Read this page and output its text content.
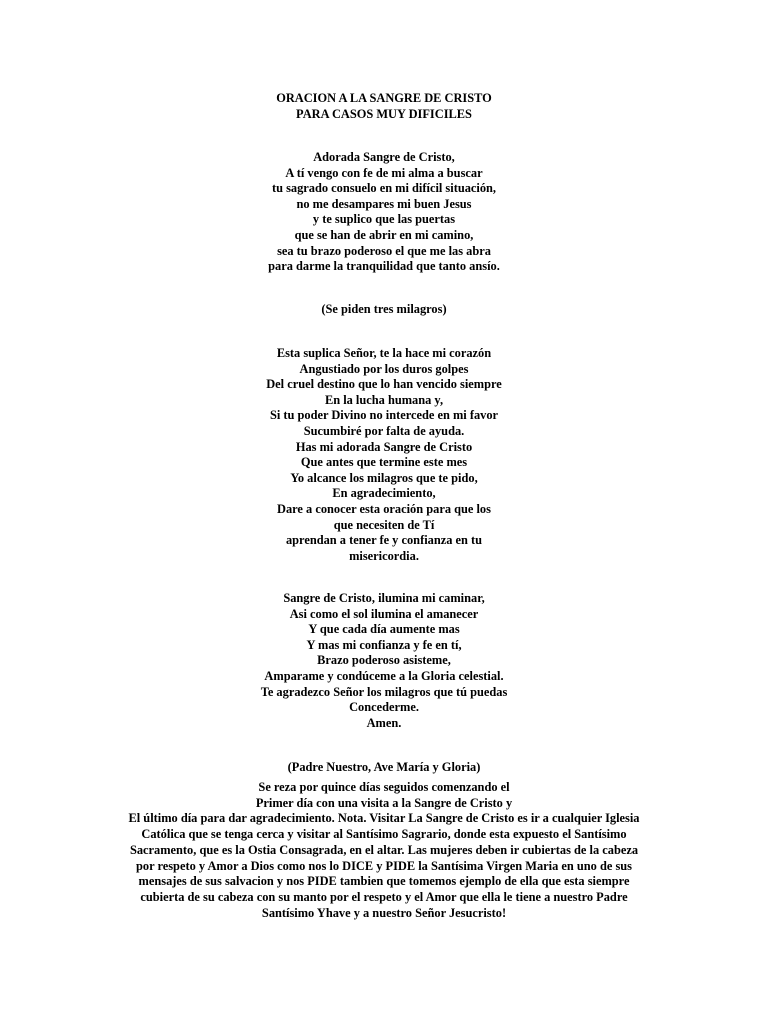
ORACION A LA SANGRE DE CRISTO
PARA CASOS MUY DIFICILES
Adorada Sangre de Cristo,
A tí vengo con fe de mi alma a buscar
tu sagrado consuelo en mi difícil situación,
no me desampares mi buen Jesus
y te suplico que las puertas
que se han de abrir en mi camino,
sea tu brazo poderoso el que me las abra
para darme la tranquilidad que tanto ansío.
(Se piden tres milagros)
Esta suplica Señor, te la hace mi corazón
Angustiado por los duros golpes
Del cruel destino que lo han vencido siempre
En la lucha humana y,
Si tu poder Divino no intercede en mi favor
Sucumbiré por falta de ayuda.
Has mi adorada Sangre de Cristo
Que antes que termine este mes
Yo alcance los milagros que te pido,
En agradecimiento,
Dare a conocer esta oración para que los
que necesiten de Tí
aprendan a tener fe y confianza en tu
misericordia.
Sangre de Cristo, ilumina mi caminar,
Asi como el sol ilumina el amanecer
Y que cada día aumente mas
Y mas mi confianza y fe en tí,
Brazo poderoso asisteme,
Amparame y condúceme a la Gloria celestial.
Te agradezco Señor los milagros que tú puedas
Concederme.
Amen.
(Padre Nuestro, Ave María y Gloria)
Se reza por quince días seguidos comenzando el
Primer día con una visita a la Sangre de Cristo y
El último día para dar agradecimiento. Nota. Visitar La Sangre de Cristo es ir a cualquier Iglesia
Católica que se tenga cerca y visitar al Santísimo Sagrario, donde esta expuesto el Santísimo
Sacramento, que es la Ostia Consagrada, en el altar. Las mujeres deben ir cubiertas de la cabeza
por respeto y Amor a Dios como nos lo DICE y PIDE la Santísima Virgen Maria en uno de sus
mensajes de sus salvacion y nos PIDE tambien que tomemos ejemplo de ella que esta siempre
cubierta de su cabeza con su manto por el respeto y el Amor que ella le tiene a nuestro Padre
Santísimo Yhave y a nuestro Señor Jesucristo!
